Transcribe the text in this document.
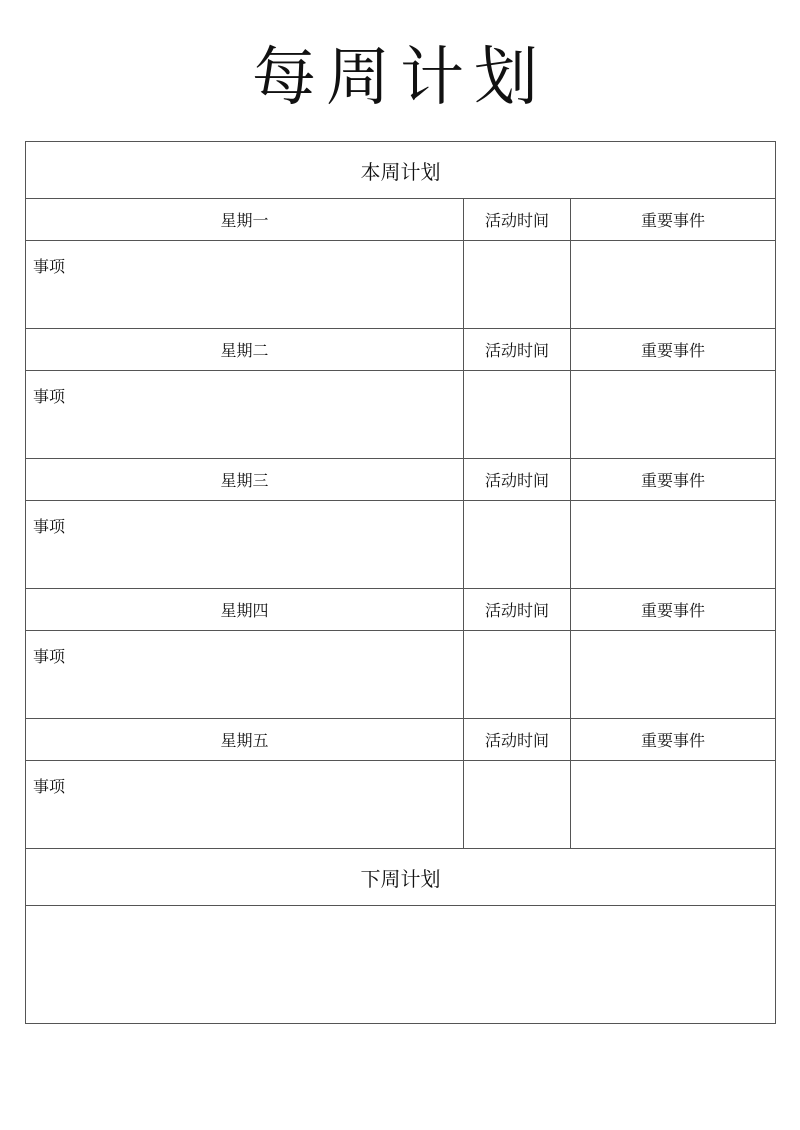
每周计划
本周计划		
星期一	活动时间	重要事件

事项		

星期二	活动时间	重要事件

事项		

星期三	活动时间	重要事件

事项		

星期四	活动时间	重要事件

事项		

星期五	活动时间	重要事件

事项		

下周计划		
